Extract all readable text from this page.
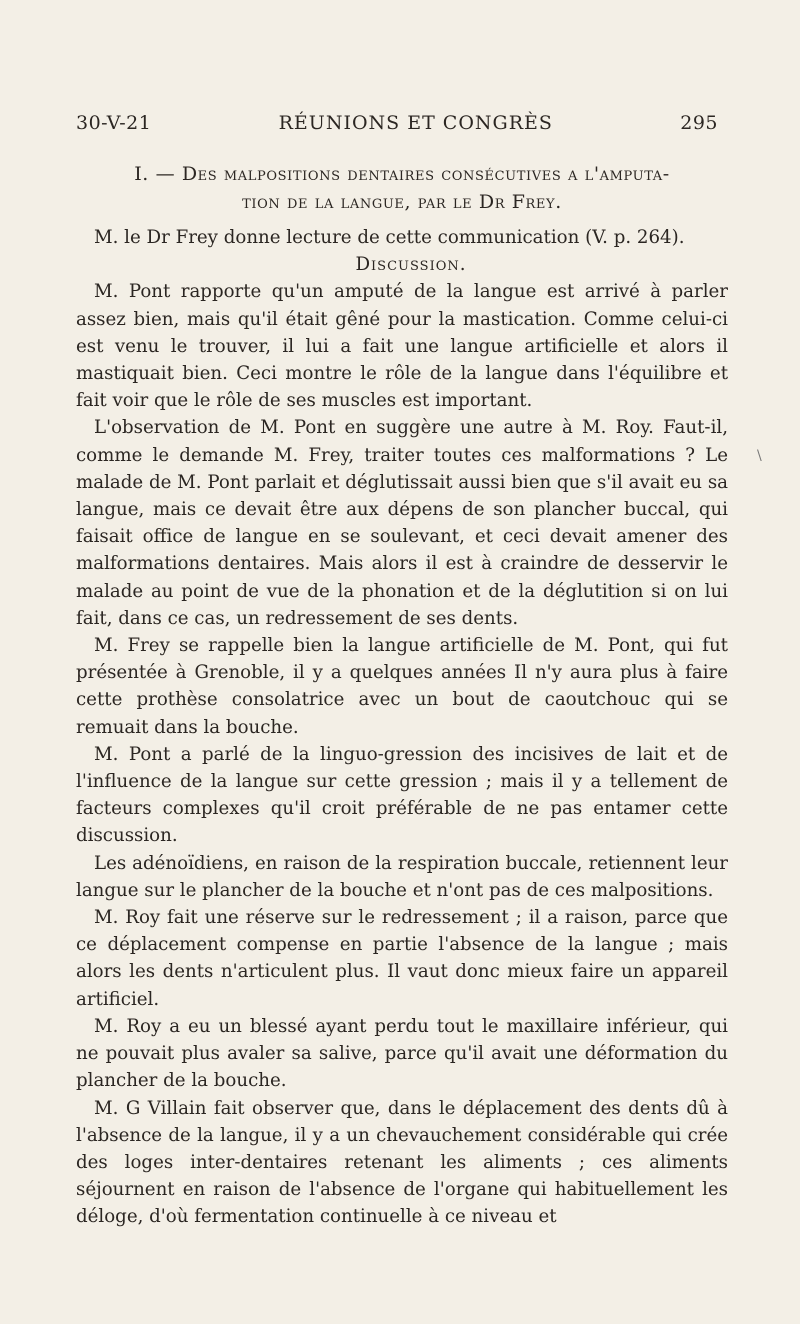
30-V-21	RÉUNIONS ET CONGRÈS	295
I. — Des malpositions dentaires consécutives a l'amputa-
tion de la langue, par le Dr Frey.

M. le Dr Frey donne lecture de cette communication (V. p. 264).

Discussion.

M. Pont rapporte qu'un amputé de la langue est arrivé à parler assez bien, mais qu'il était gêné pour la mastication. Comme celui-ci est venu le trouver, il lui a fait une langue artificielle et alors il mastiquait bien. Ceci montre le rôle de la langue dans l'équilibre et fait voir que le rôle de ses muscles est important.

L'observation de M. Pont en suggère une autre à M. Roy. Faut-il, comme le demande M. Frey, traiter toutes ces malformations ? Le malade de M. Pont parlait et déglutissait aussi bien que s'il avait eu sa langue, mais ce devait être aux dépens de son plancher buccal, qui faisait office de langue en se soulevant, et ceci devait amener des malformations dentaires. Mais alors il est à craindre de desservir le malade au point de vue de la phonation et de la déglutition si on lui fait, dans ce cas, un redressement de ses dents.

M. Frey se rappelle bien la langue artificielle de M. Pont, qui fut présentée à Grenoble, il y a quelques années Il n'y aura plus à faire cette prothèse consolatrice avec un bout de caoutchouc qui se remuait dans la bouche.

M. Pont a parlé de la linguo-gression des incisives de lait et de l'influence de la langue sur cette gression ; mais il y a tellement de facteurs complexes qu'il croit préférable de ne pas entamer cette discussion.

Les adénoïdiens, en raison de la respiration buccale, retiennent leur langue sur le plancher de la bouche et n'ont pas de ces malpositions.

M. Roy fait une réserve sur le redressement ; il a raison, parce que ce déplacement compense en partie l'absence de la langue ; mais alors les dents n'articulent plus. Il vaut donc mieux faire un appareil artificiel.

M. Roy a eu un blessé ayant perdu tout le maxillaire inférieur, qui ne pouvait plus avaler sa salive, parce qu'il avait une déformation du plancher de la bouche.

M. G Villain fait observer que, dans le déplacement des dents dû à l'absence de la langue, il y a un chevauchement considérable qui crée des loges inter-dentaires retenant les aliments ; ces aliments séjournent en raison de l'absence de l'organe qui habituellement les déloge, d'où fermentation continuelle à ce niveau et

\
